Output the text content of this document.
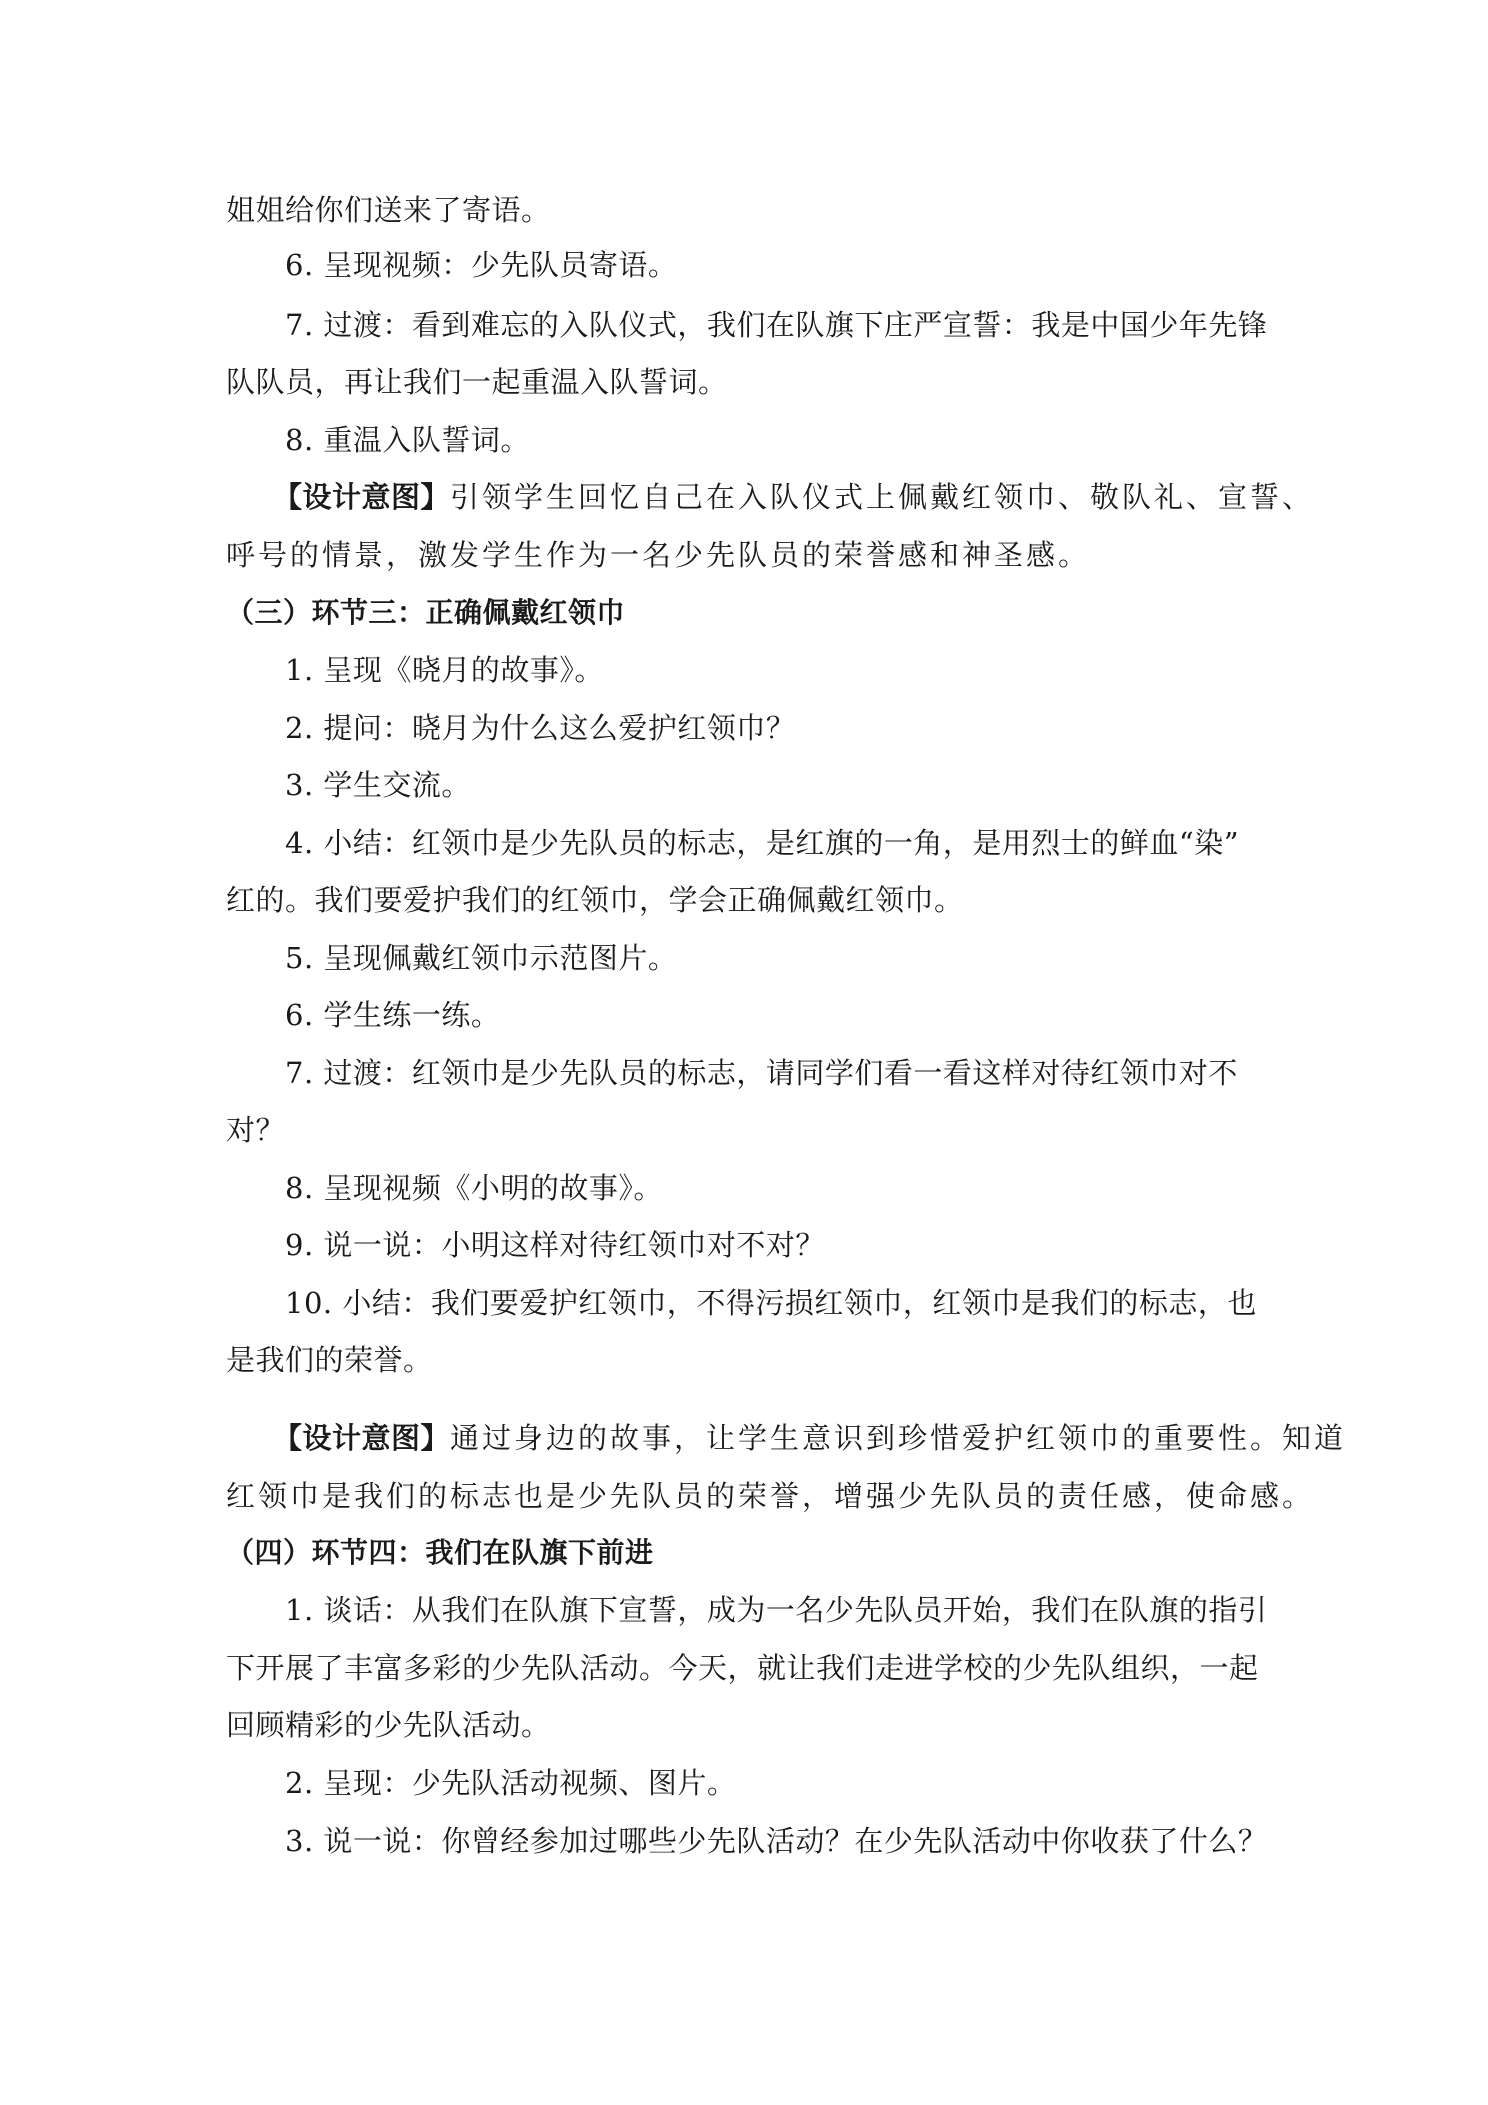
姐姐给你们送来了寄语。
6. 呈现视频：少先队员寄语。
7. 过渡：看到难忘的入队仪式，我们在队旗下庄严宣誓：我是中国少年先锋
队队员，再让我们一起重温入队誓词。
8. 重温入队誓词。
【设计意图】引领学生回忆自己在入队仪式上佩戴红领巾、敬队礼、宣誓、
呼号的情景，激发学生作为一名少先队员的荣誉感和神圣感。
（三）环节三：正确佩戴红领巾
1. 呈现《晓月的故事》。
2. 提问：晓月为什么这么爱护红领巾？
3. 学生交流。
4. 小结：红领巾是少先队员的标志，是红旗的一角，是用烈士的鲜血“染”
红的。我们要爱护我们的红领巾，学会正确佩戴红领巾。
5. 呈现佩戴红领巾示范图片。
6. 学生练一练。
7. 过渡：红领巾是少先队员的标志，请同学们看一看这样对待红领巾对不
对？
8. 呈现视频《小明的故事》。
9. 说一说：小明这样对待红领巾对不对？
10. 小结：我们要爱护红领巾，不得污损红领巾，红领巾是我们的标志，也
是我们的荣誉。
【设计意图】通过身边的故事，让学生意识到珍惜爱护红领巾的重要性。知道
红领巾是我们的标志也是少先队员的荣誉，增强少先队员的责任感，使命感。
（四）环节四：我们在队旗下前进
1. 谈话：从我们在队旗下宣誓，成为一名少先队员开始，我们在队旗的指引
下开展了丰富多彩的少先队活动。今天，就让我们走进学校的少先队组织，一起
回顾精彩的少先队活动。
2. 呈现：少先队活动视频、图片。
3. 说一说：你曾经参加过哪些少先队活动？在少先队活动中你收获了什么？
